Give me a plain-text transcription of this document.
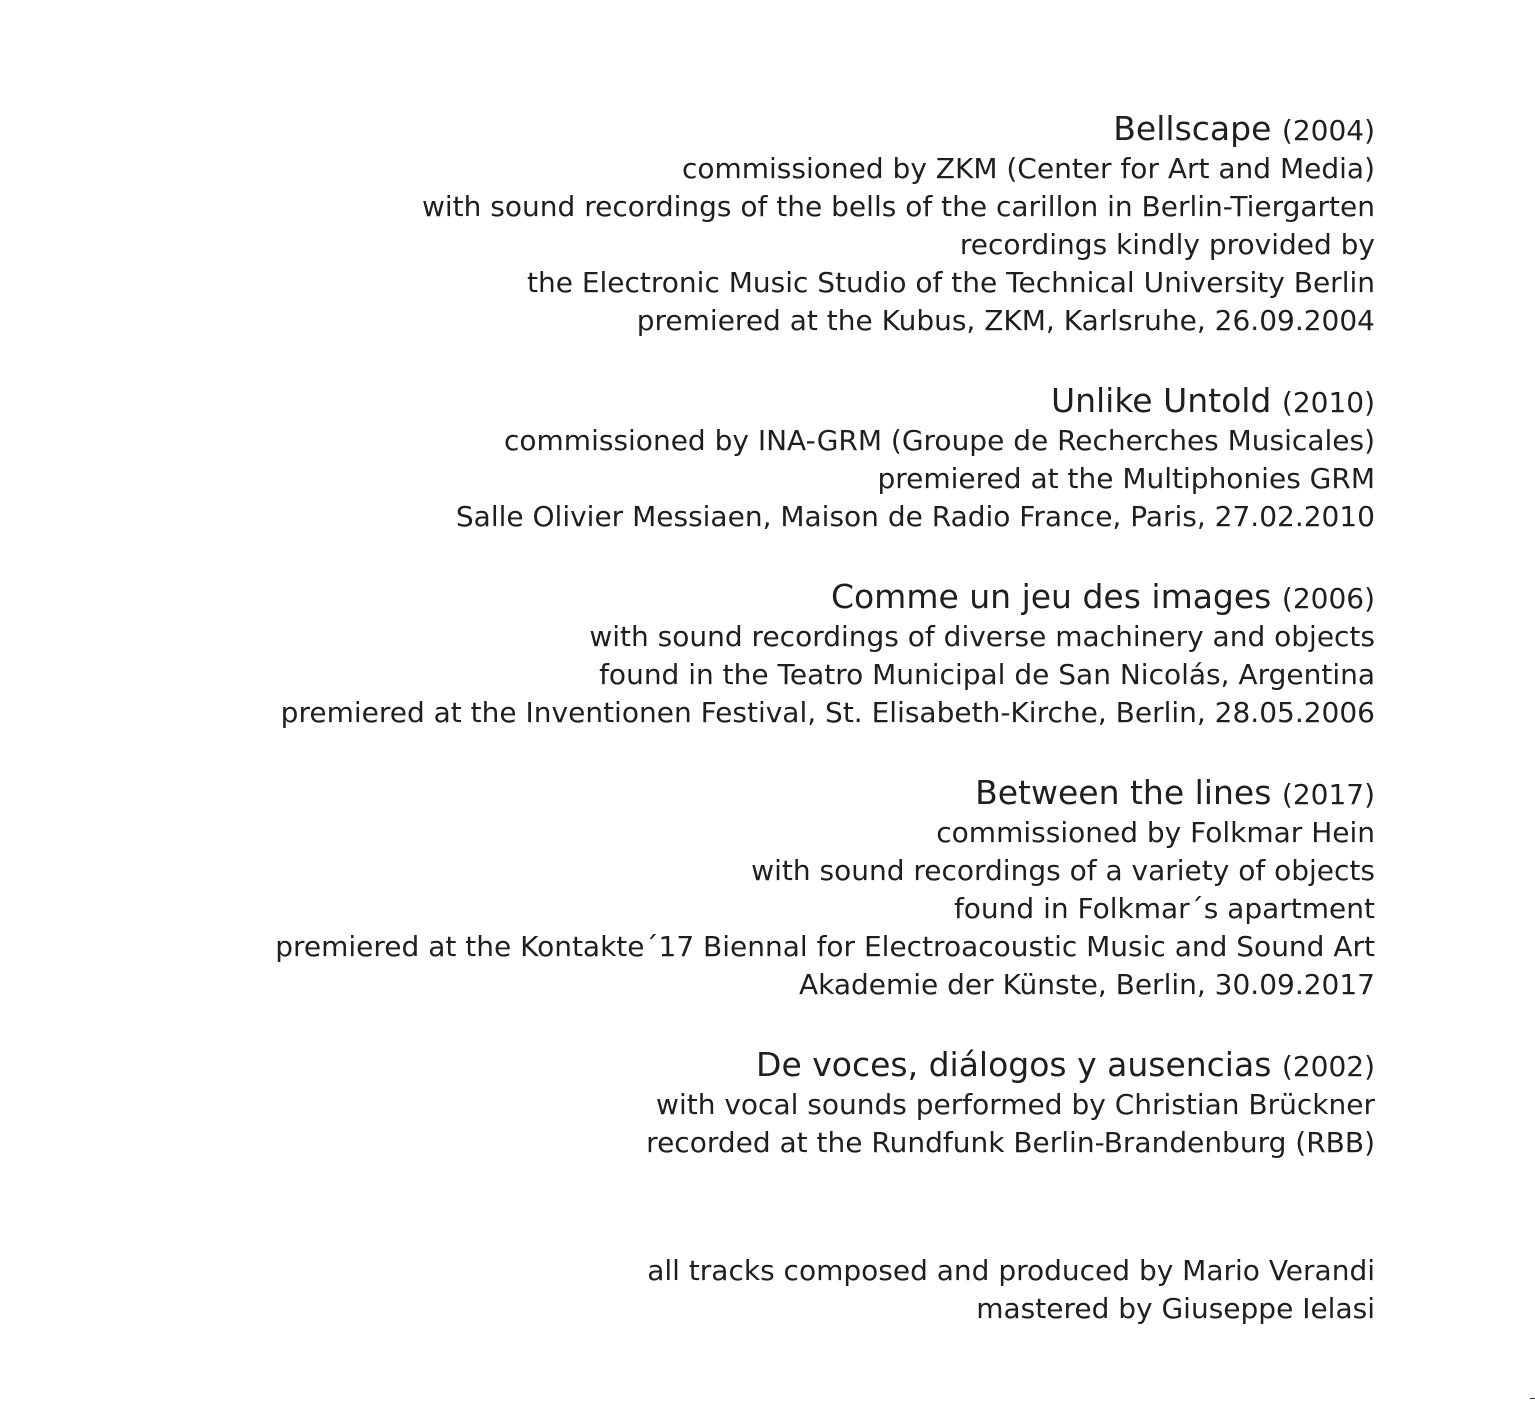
Bellscape (2004)
commissioned by ZKM (Center for Art and Media)
with sound recordings of the bells of the carillon in Berlin-Tiergarten
recordings kindly provided by
the Electronic Music Studio of the Technical University Berlin
premiered at the Kubus, ZKM, Karlsruhe, 26.09.2004
Unlike Untold (2010)
commissioned by INA-GRM (Groupe de Recherches Musicales)
premiered at the Multiphonies GRM
Salle Olivier Messiaen, Maison de Radio France, Paris, 27.02.2010
Comme un jeu des images (2006)
with sound recordings of diverse machinery and objects
found in the Teatro Municipal de San Nicolás, Argentina
premiered at the Inventionen Festival, St. Elisabeth-Kirche, Berlin, 28.05.2006
Between the lines (2017)
commissioned by Folkmar Hein
with sound recordings of a variety of objects
found in Folkmar´s apartment
premiered at the Kontakte´17 Biennal for Electroacoustic Music and Sound Art
Akademie der Künste, Berlin, 30.09.2017
De voces, diálogos y ausencias (2002)
with vocal sounds performed by Christian Brückner
recorded at the Rundfunk Berlin-Brandenburg (RBB)
all tracks composed and produced by Mario Verandi
mastered by Giuseppe Ielasi
